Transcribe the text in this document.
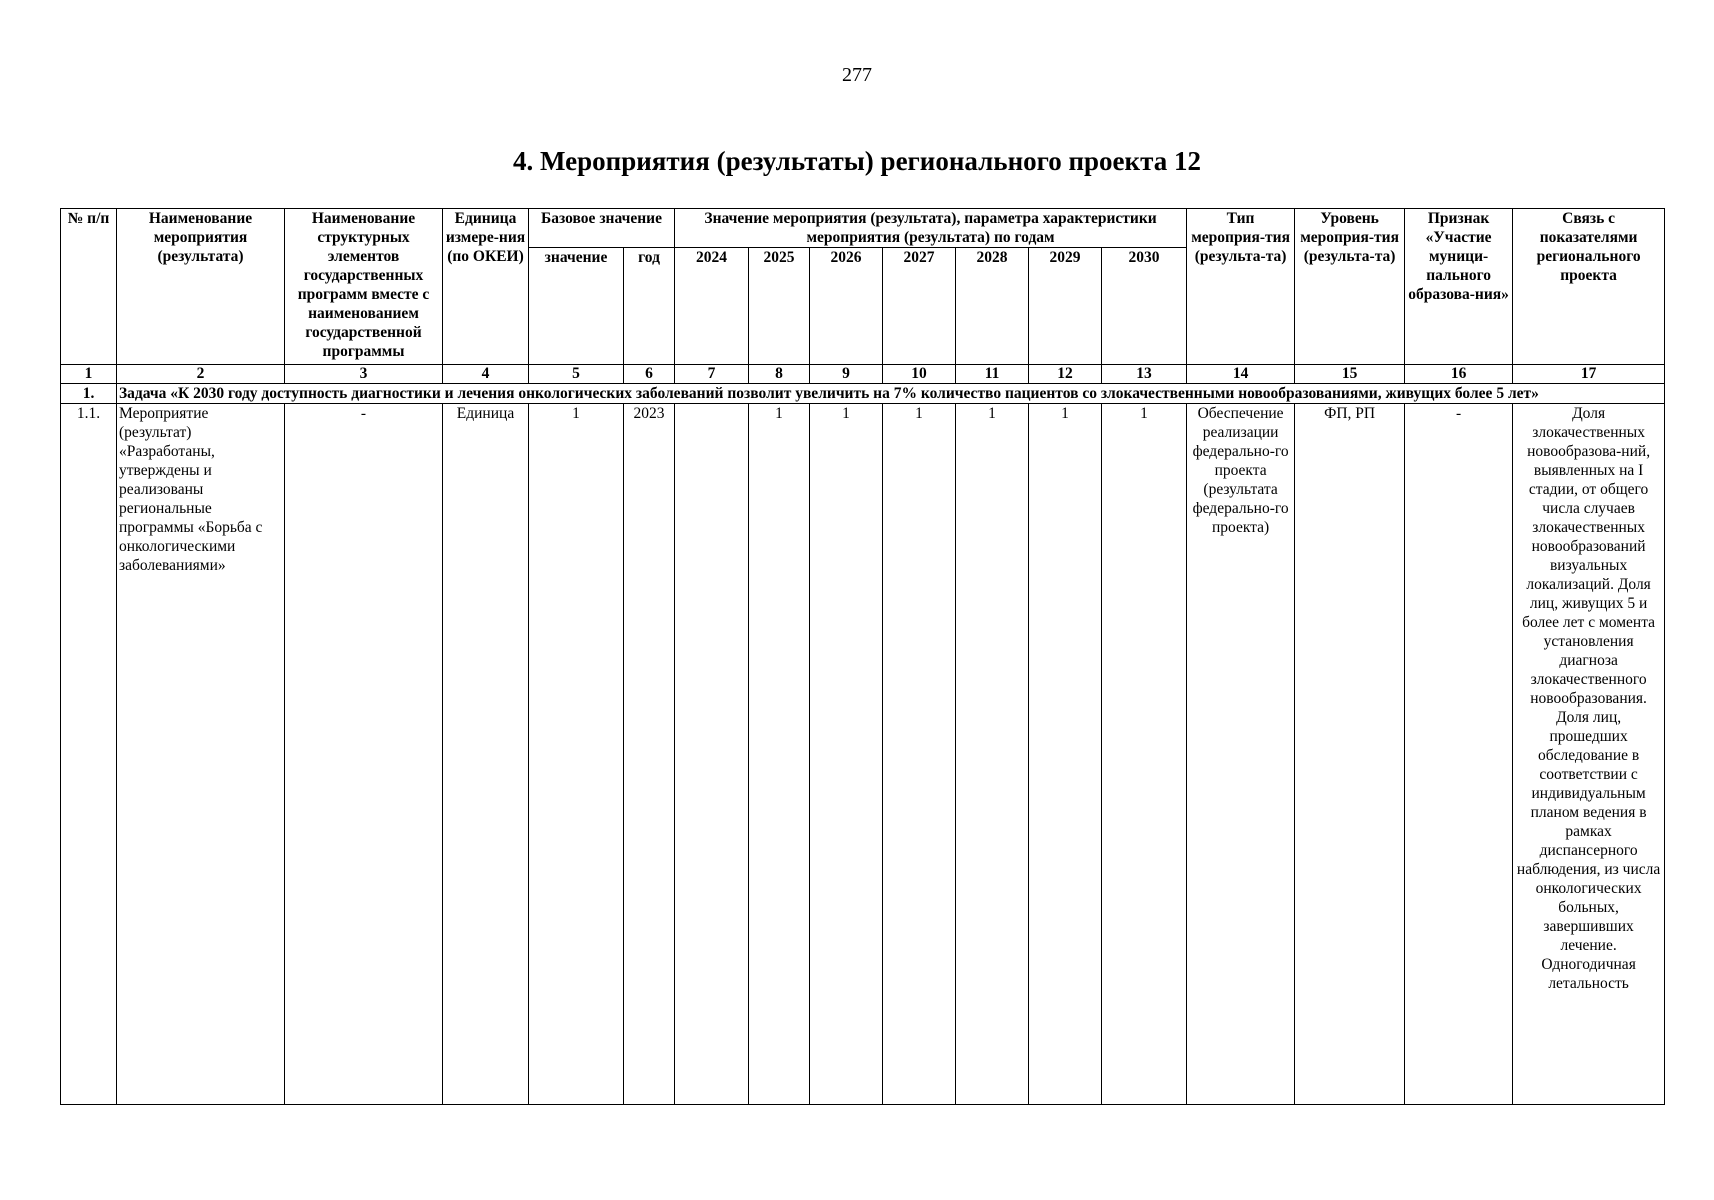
277
4. Мероприятия (результаты) регионального проекта 12
№ п/п	Наименование мероприятия (результата)	Наименование структурных элементов государственных программ вместе с наименованием государственной программы	Единица измере-ния (по ОКЕИ)	Базовое значение		Значение мероприятия (результата), параметра характеристики мероприятия (результата) по годам							Тип мероприя-тия (результа-та)	Уровень мероприя-тия (результа-та)	Признак «Участие муници-пального образова-ния»	Связь с показателями регионального проекта
				значение	год	2024	2025	2026	2027	2028	2029	2030				
1	2	3	4	5	6	7	8	9	10	11	12	13	14	15	16	17
1.	Задача «К 2030 году доступность диагностики и лечения онкологических заболеваний позволит увеличить на 7% количество пациентов со злокачественными новообразованиями, живущих более 5 лет»															
1.1.	Мероприятие (результат) «Разработаны, утверждены и реализованы региональные программы «Борьба с онкологическими заболеваниями»	-	Единица	1	2023		1	1	1	1	1	1	Обеспечение реализации федерально-го проекта (результата федерально-го проекта)	ФП, РП	-	Доля злокачественных новообразова-ний, выявленных на I стадии, от общего числа случаев злокачественных новообразований визуальных локализаций. Доля лиц, живущих 5 и более лет с момента установления диагноза злокачественного новообразования. Доля лиц, прошедших обследование в соответствии с индивидуальным планом ведения в рамках диспансерного наблюдения, из числа онкологических больных, завершивших лечение. Одногодичная летальность
